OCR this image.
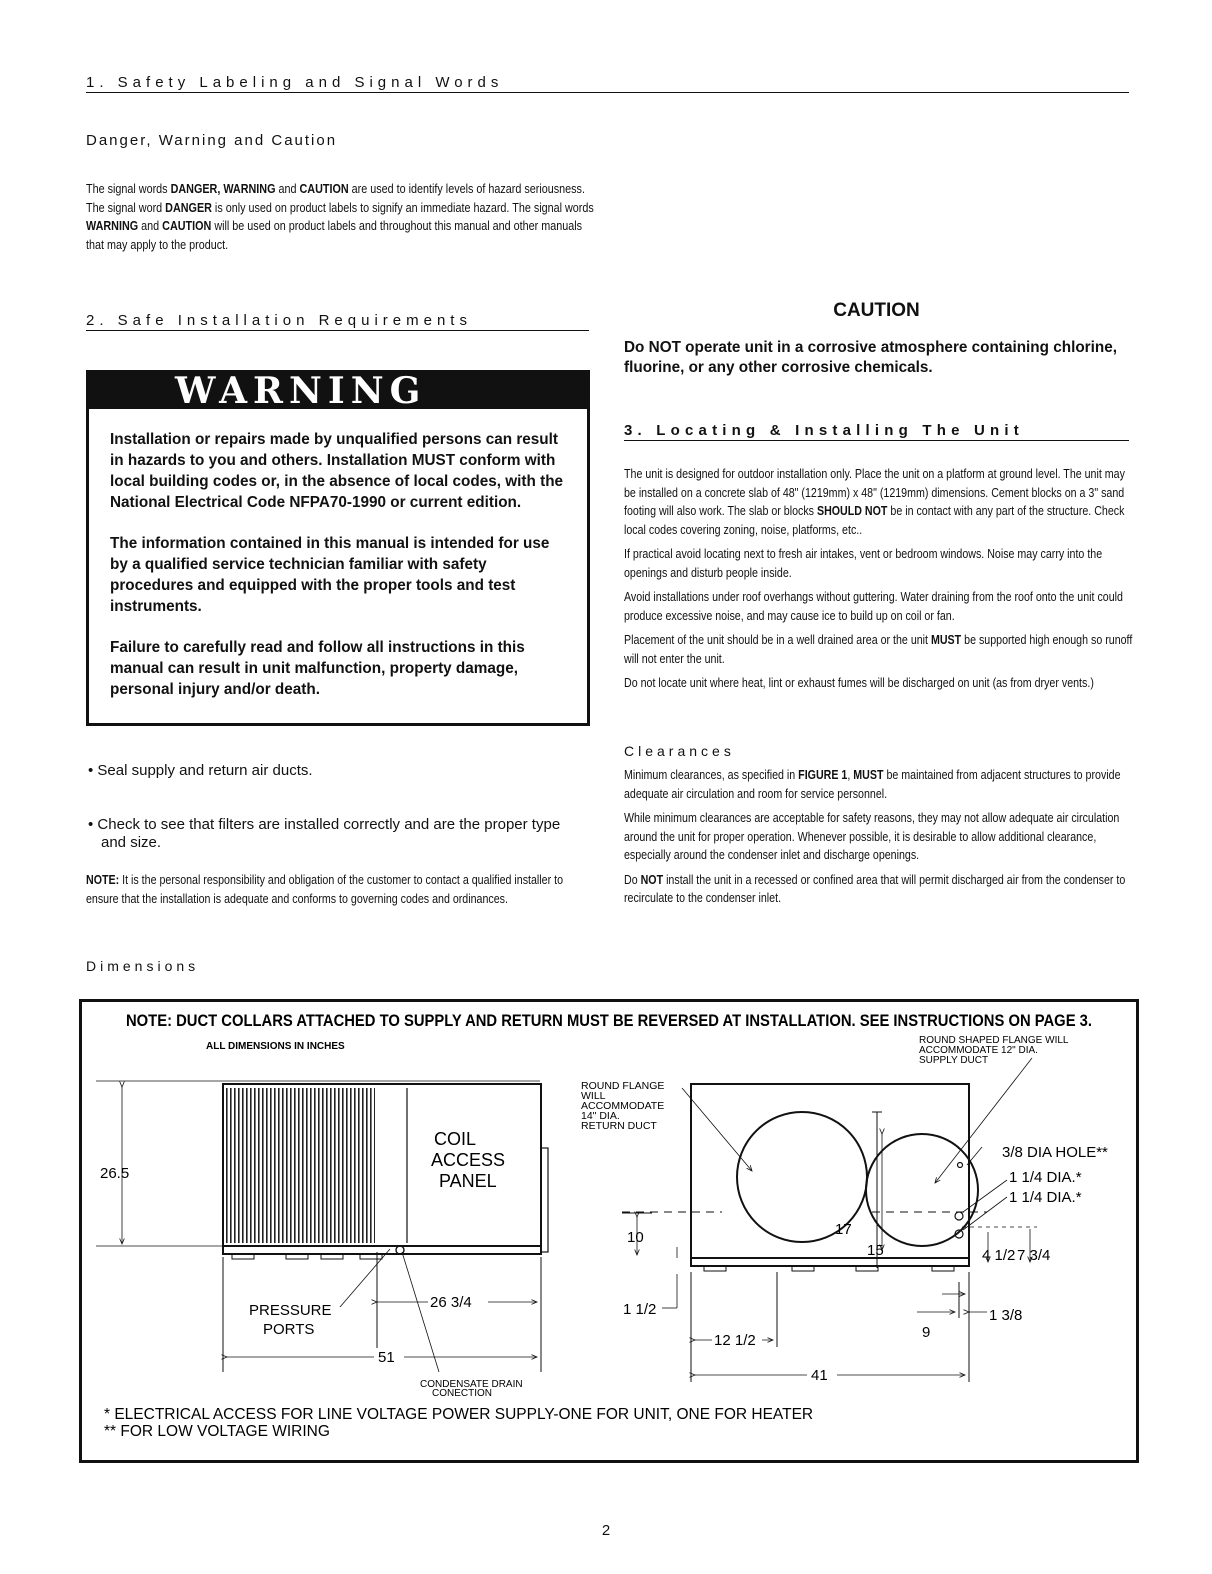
1. Safety Labeling and Signal Words
Danger, Warning and Caution
The signal words DANGER, WARNING and CAUTION are used to identify levels of hazard seriousness. The signal word DANGER is only used on product labels to signify an immediate hazard. The signal words WARNING and CAUTION will be used on product labels and throughout this manual and other manuals that may apply to the product.
2. Safe Installation Requirements
WARNING

Installation or repairs made by unqualified persons can result in hazards to you and others. Installation MUST conform with local building codes or, in the absence of local codes, with the National Electrical Code NFPA70-1990 or current edition.

The information contained in this manual is intended for use by a qualified service technician familiar with safety procedures and equipped with the proper tools and test instruments.

Failure to carefully read and follow all instructions in this manual can result in unit malfunction, property damage, personal injury and/or death.

• Seal supply and return air ducts.
• Check to see that filters are installed correctly and are the proper type and size.
NOTE: It is the personal responsibility and obligation of the customer to contact a qualified installer to ensure that the installation is adequate and conforms to governing codes and ordinances.
CAUTION
Do NOT operate unit in a corrosive atmosphere containing chlorine, fluorine, or any other corrosive chemicals.
3. Locating & Installing The Unit

The unit is designed for outdoor installation only. Place the unit on a platform at ground level. The unit may be installed on a concrete slab of 48" (1219mm) x 48" (1219mm) dimensions. Cement blocks on a 3" sand footing will also work. The slab or blocks SHOULD NOT be in contact with any part of the structure. Check local codes covering zoning, noise, platforms, etc..

If practical avoid locating next to fresh air intakes, vent or bedroom windows. Noise may carry into the openings and disturb people inside.

Avoid installations under roof overhangs without guttering. Water draining from the roof onto the unit could produce excessive noise, and may cause ice to build up on coil or fan.

Placement of the unit should be in a well drained area or the unit MUST be supported high enough so runoff will not enter the unit.

Do not locate unit where heat, lint or exhaust fumes will be discharged on unit (as from dryer vents.)

Clearances

Minimum clearances, as specified in FIGURE 1, MUST be maintained from adjacent structures to provide adequate air circulation and room for service personnel.

While minimum clearances are acceptable for safety reasons, they may not allow adequate air circulation around the unit for proper operation. Whenever possible, it is desirable to allow additional clearance, especially around the condenser inlet and discharge openings.

Do NOT install the unit in a recessed or confined area that will permit discharged air from the condenser to recirculate to the condenser inlet.

Dimensions
NOTE: DUCT COLLARS ATTACHED TO SUPPLY AND RETURN MUST BE REVERSED AT INSTALLATION. SEE INSTRUCTIONS ON PAGE 3.
ALL DIMENSIONS IN INCHES
ROUND SHAPED FLANGE WILL
ACCOMMODATE 12" DIA.
SUPPLY DUCT
26.5
COIL
ACCESS
PANEL
26 3/4
PRESSURE
PORTS
51
CONDENSATE DRAIN
CONECTION
ROUND FLANGE
WILL
ACCOMMODATE
14" DIA.
RETURN DUCT
10
1 1/2
12 1/2
17
15
41
4 1/2 7 3/4
1 3/8
9
3/8 DIA HOLE**
1 1/4 DIA.*
1 1/4 DIA.*
* ELECTRICAL ACCESS FOR LINE VOLTAGE POWER SUPPLY-ONE FOR UNIT, ONE FOR HEATER
** FOR LOW VOLTAGE WIRING
2
